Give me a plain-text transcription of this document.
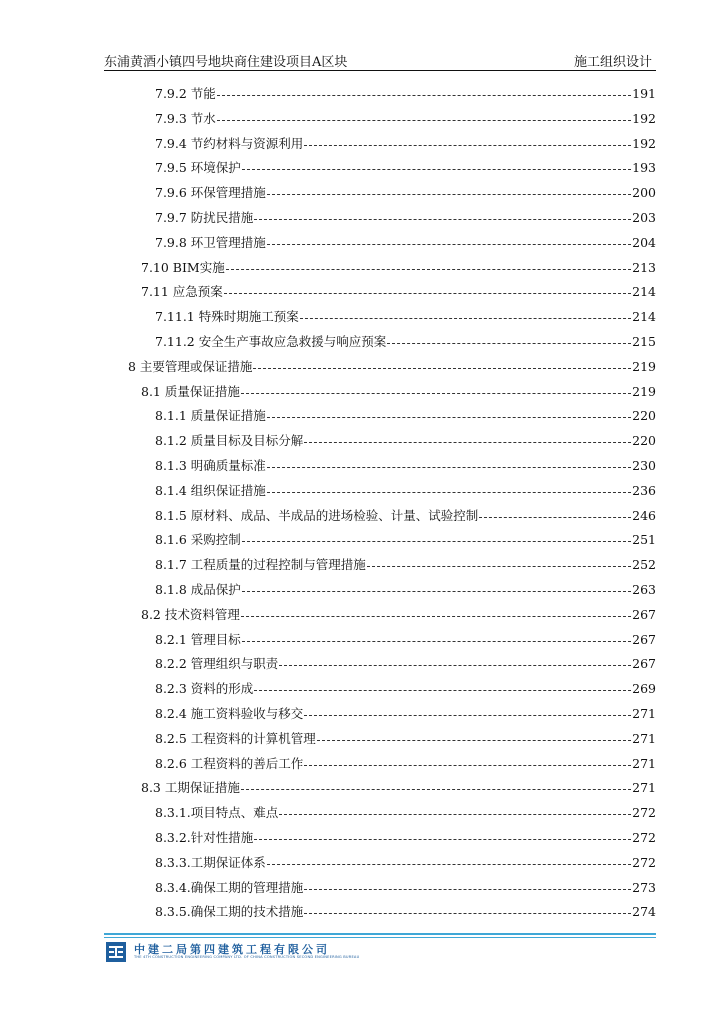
东浦黄酒小镇四号地块商住建设项目A区块	施工组织设计
7.9.2 节能	191
7.9.3 节水	192
7.9.4 节约材料与资源利用	192
7.9.5 环境保护	193
7.9.6 环保管理措施	200
7.9.7 防扰民措施	203
7.9.8 环卫管理措施	204
7.10 BIM实施	213
7.11 应急预案	214
7.11.1 特殊时期施工预案	214
7.11.2 安全生产事故应急救援与响应预案	215
8 主要管理或保证措施	219
8.1 质量保证措施	219
8.1.1 质量保证措施	220
8.1.2 质量目标及目标分解	220
8.1.3 明确质量标准	230
8.1.4 组织保证措施	236
8.1.5 原材料、成品、半成品的进场检验、计量、试验控制	246
8.1.6 采购控制	251
8.1.7 工程质量的过程控制与管理措施	252
8.1.8 成品保护	263
8.2 技术资料管理	267
8.2.1 管理目标	267
8.2.2 管理组织与职责	267
8.2.3 资料的形成	269
8.2.4 施工资料验收与移交	271
8.2.5 工程资料的计算机管理	271
8.2.6 工程资料的善后工作	271
8.3 工期保证措施	271
8.3.1.项目特点、难点	272
8.3.2.针对性措施	272
8.3.3.工期保证体系	272
8.3.4.确保工期的管理措施	273
8.3.5.确保工期的技术措施	274
中建二局第四建筑工程有限公司
THE 4TH CONSTRUCTION ENGINEERING COMPANY LTD. OF CHINA CONSTRUCTION SECOND ENGINEERING BUREAU
